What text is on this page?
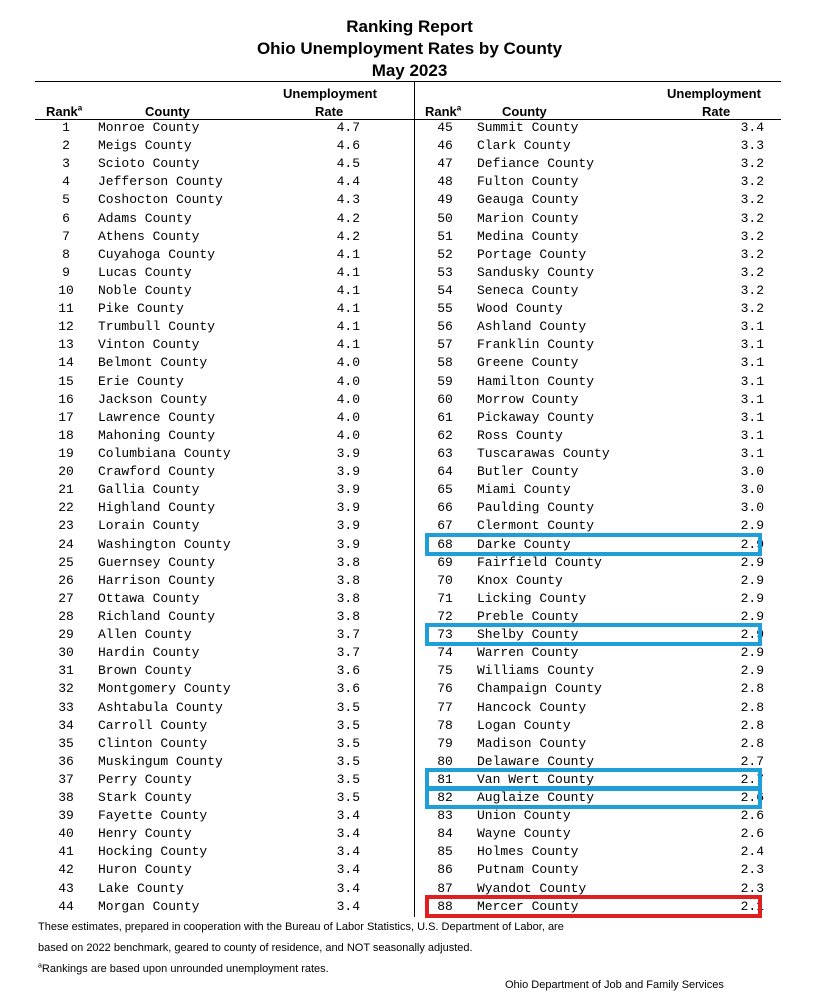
Ranking Report
Ohio Unemployment Rates by County
May 2023
Rank$^a$	County
Unemployment
Rate	Rank$^a$	County
Unemployment
Rate
1	Monroe County	4.7
2	Meigs County	4.6
3	Scioto County	4.5
4	Jefferson County	4.4
5	Coshocton County	4.3
6	Adams County	4.2
7	Athens County	4.2
8	Cuyahoga County	4.1
9	Lucas County	4.1
10	Noble County	4.1
11	Pike County	4.1
12	Trumbull County	4.1
13	Vinton County	4.1
14	Belmont County	4.0
15	Erie County	4.0
16	Jackson County	4.0
17	Lawrence County	4.0
18	Mahoning County	4.0
19	Columbiana County	3.9
20	Crawford County	3.9
21	Gallia County	3.9
22	Highland County	3.9
23	Lorain County	3.9
24	Washington County	3.9
25	Guernsey County	3.8
26	Harrison County	3.8
27	Ottawa County	3.8
28	Richland County	3.8
29	Allen County	3.7
30	Hardin County	3.7
31	Brown County	3.6
32	Montgomery County	3.6
33	Ashtabula County	3.5
34	Carroll County	3.5
35	Clinton County	3.5
36	Muskingum County	3.5
37	Perry County	3.5
38	Stark County	3.5
39	Fayette County	3.4
40	Henry County	3.4
41	Hocking County	3.4
42	Huron County	3.4
43	Lake County	3.4
44	Morgan County	3.4
45	Summit County	3.4
46	Clark County	3.3
47	Defiance County	3.2
48	Fulton County	3.2
49	Geauga County	3.2
50	Marion County	3.2
51	Medina County	3.2
52	Portage County	3.2
53	Sandusky County	3.2
54	Seneca County	3.2
55	Wood County	3.2
56	Ashland County	3.1
57	Franklin County	3.1
58	Greene County	3.1
59	Hamilton County	3.1
60	Morrow County	3.1
61	Pickaway County	3.1
62	Ross County	3.1
63	Tuscarawas County	3.1
64	Butler County	3.0
65	Miami County	3.0
66	Paulding County	3.0
67	Clermont County	2.9
68	Darke County	2.9
69	Fairfield County	2.9
70	Knox County	2.9
71	Licking County	2.9
72	Preble County	2.9
73	Shelby County	2.9
74	Warren County	2.9
75	Williams County	2.9
76	Champaign County	2.8
77	Hancock County	2.8
78	Logan County	2.8
79	Madison County	2.8
80	Delaware County	2.7
81	Van Wert County	2.7
82	Auglaize County	2.6
83	Union County	2.6
84	Wayne County	2.6
85	Holmes County	2.4
86	Putnam County	2.3
87	Wyandot County	2.3
88	Mercer County	2.1
These estimates, prepared in cooperation with the Bureau of Labor Statistics, U.S. Department of Labor, are
based on 2022 benchmark, geared to county of residence, and NOT seasonally adjusted.
$^a$Rankings are based upon unrounded unemployment rates.
Ohio Department of Job and Family Services
